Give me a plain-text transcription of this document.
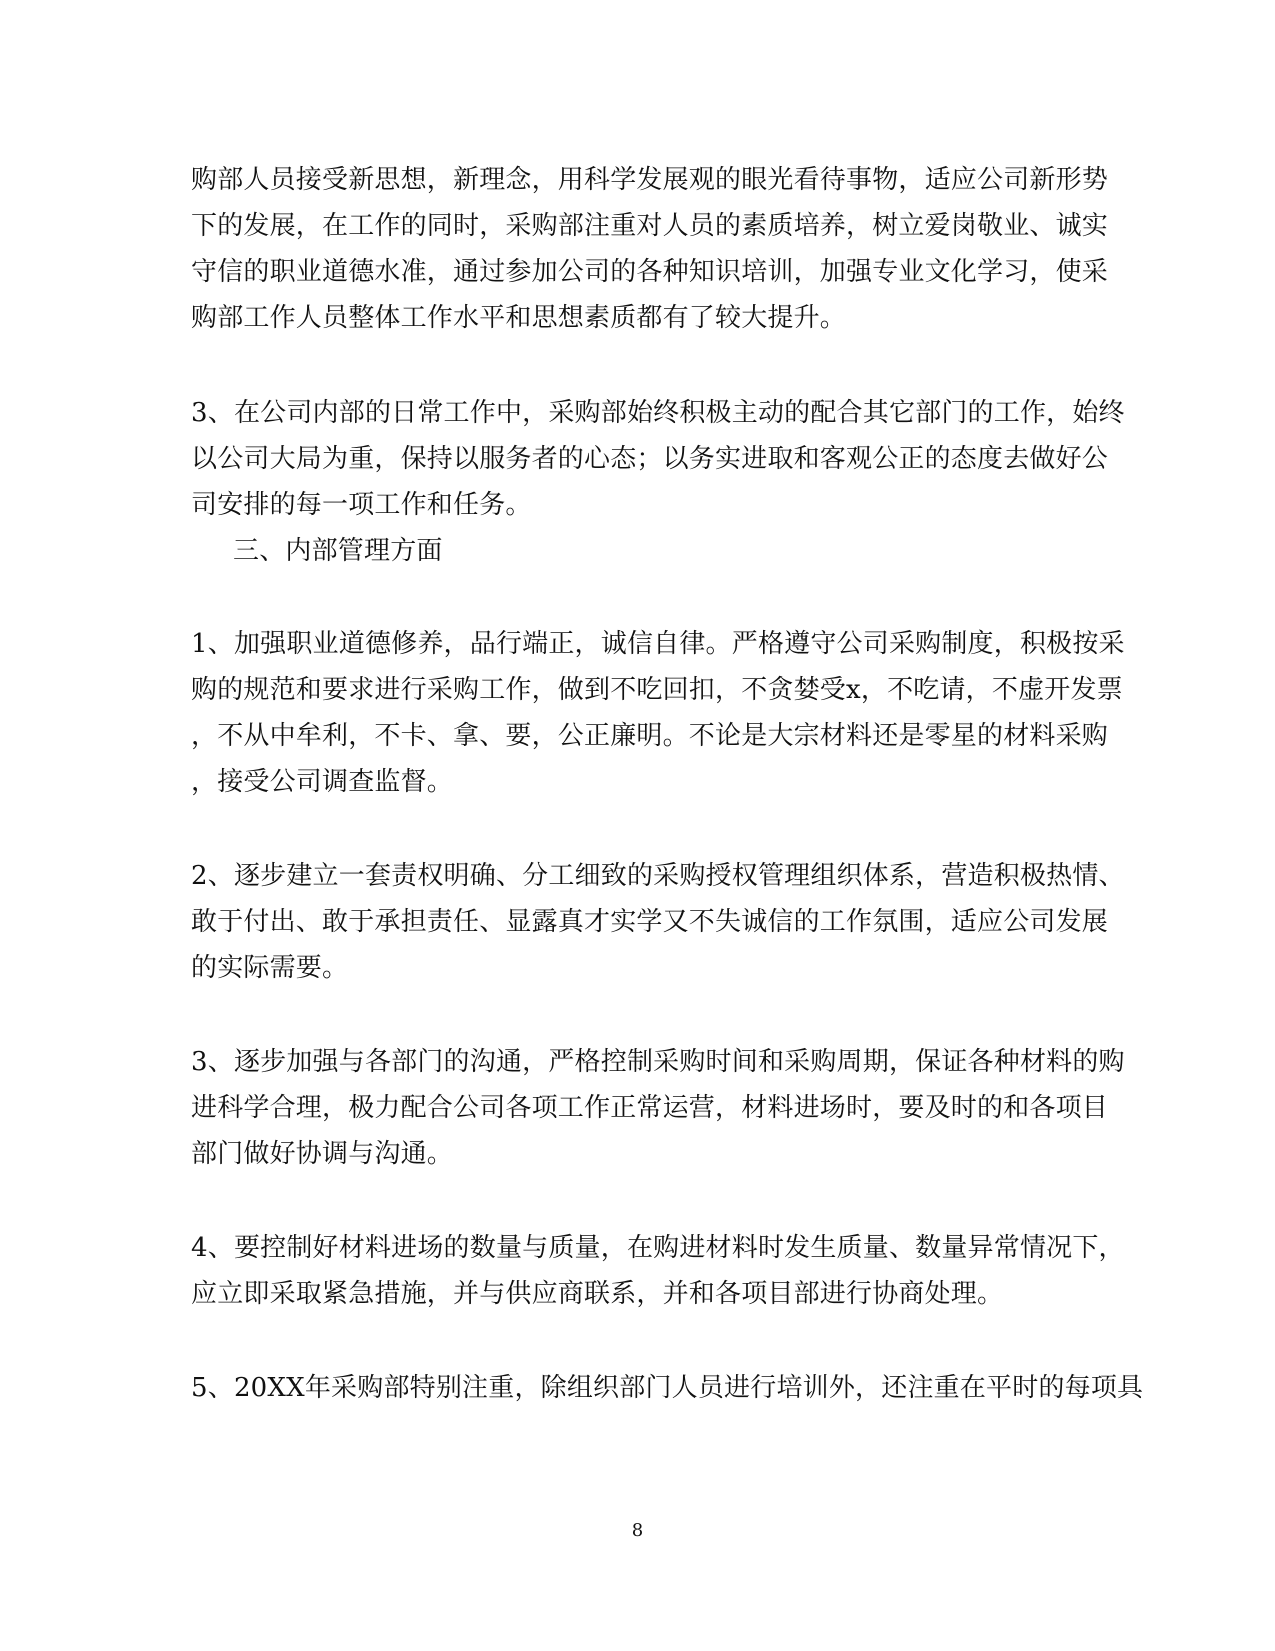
购部人员接受新思想，新理念，用科学发展观的眼光看待事物，适应公司新形势
下的发展，在工作的同时，采购部注重对人员的素质培养，树立爱岗敬业、诚实
守信的职业道德水准，通过参加公司的各种知识培训，加强专业文化学习，使采
购部工作人员整体工作水平和思想素质都有了较大提升。
3、在公司内部的日常工作中，采购部始终积极主动的配合其它部门的工作，始终
以公司大局为重，保持以服务者的心态；以务实进取和客观公正的态度去做好公
司安排的每一项工作和任务。
三、内部管理方面
1、加强职业道德修养，品行端正，诚信自律。严格遵守公司采购制度，积极按采
购的规范和要求进行采购工作，做到不吃回扣，不贪婪受x，不吃请，不虚开发票
，不从中牟利，不卡、拿、要，公正廉明。不论是大宗材料还是零星的材料采购
，接受公司调查监督。
2、逐步建立一套责权明确、分工细致的采购授权管理组织体系，营造积极热情、
敢于付出、敢于承担责任、显露真才实学又不失诚信的工作氛围，适应公司发展
的实际需要。
3、逐步加强与各部门的沟通，严格控制采购时间和采购周期，保证各种材料的购
进科学合理，极力配合公司各项工作正常运营，材料进场时，要及时的和各项目
部门做好协调与沟通。
4、要控制好材料进场的数量与质量，在购进材料时发生质量、数量异常情况下，
应立即采取紧急措施，并与供应商联系，并和各项目部进行协商处理。
5、20XX年采购部特别注重，除组织部门人员进行培训外，还注重在平时的每项具
8
